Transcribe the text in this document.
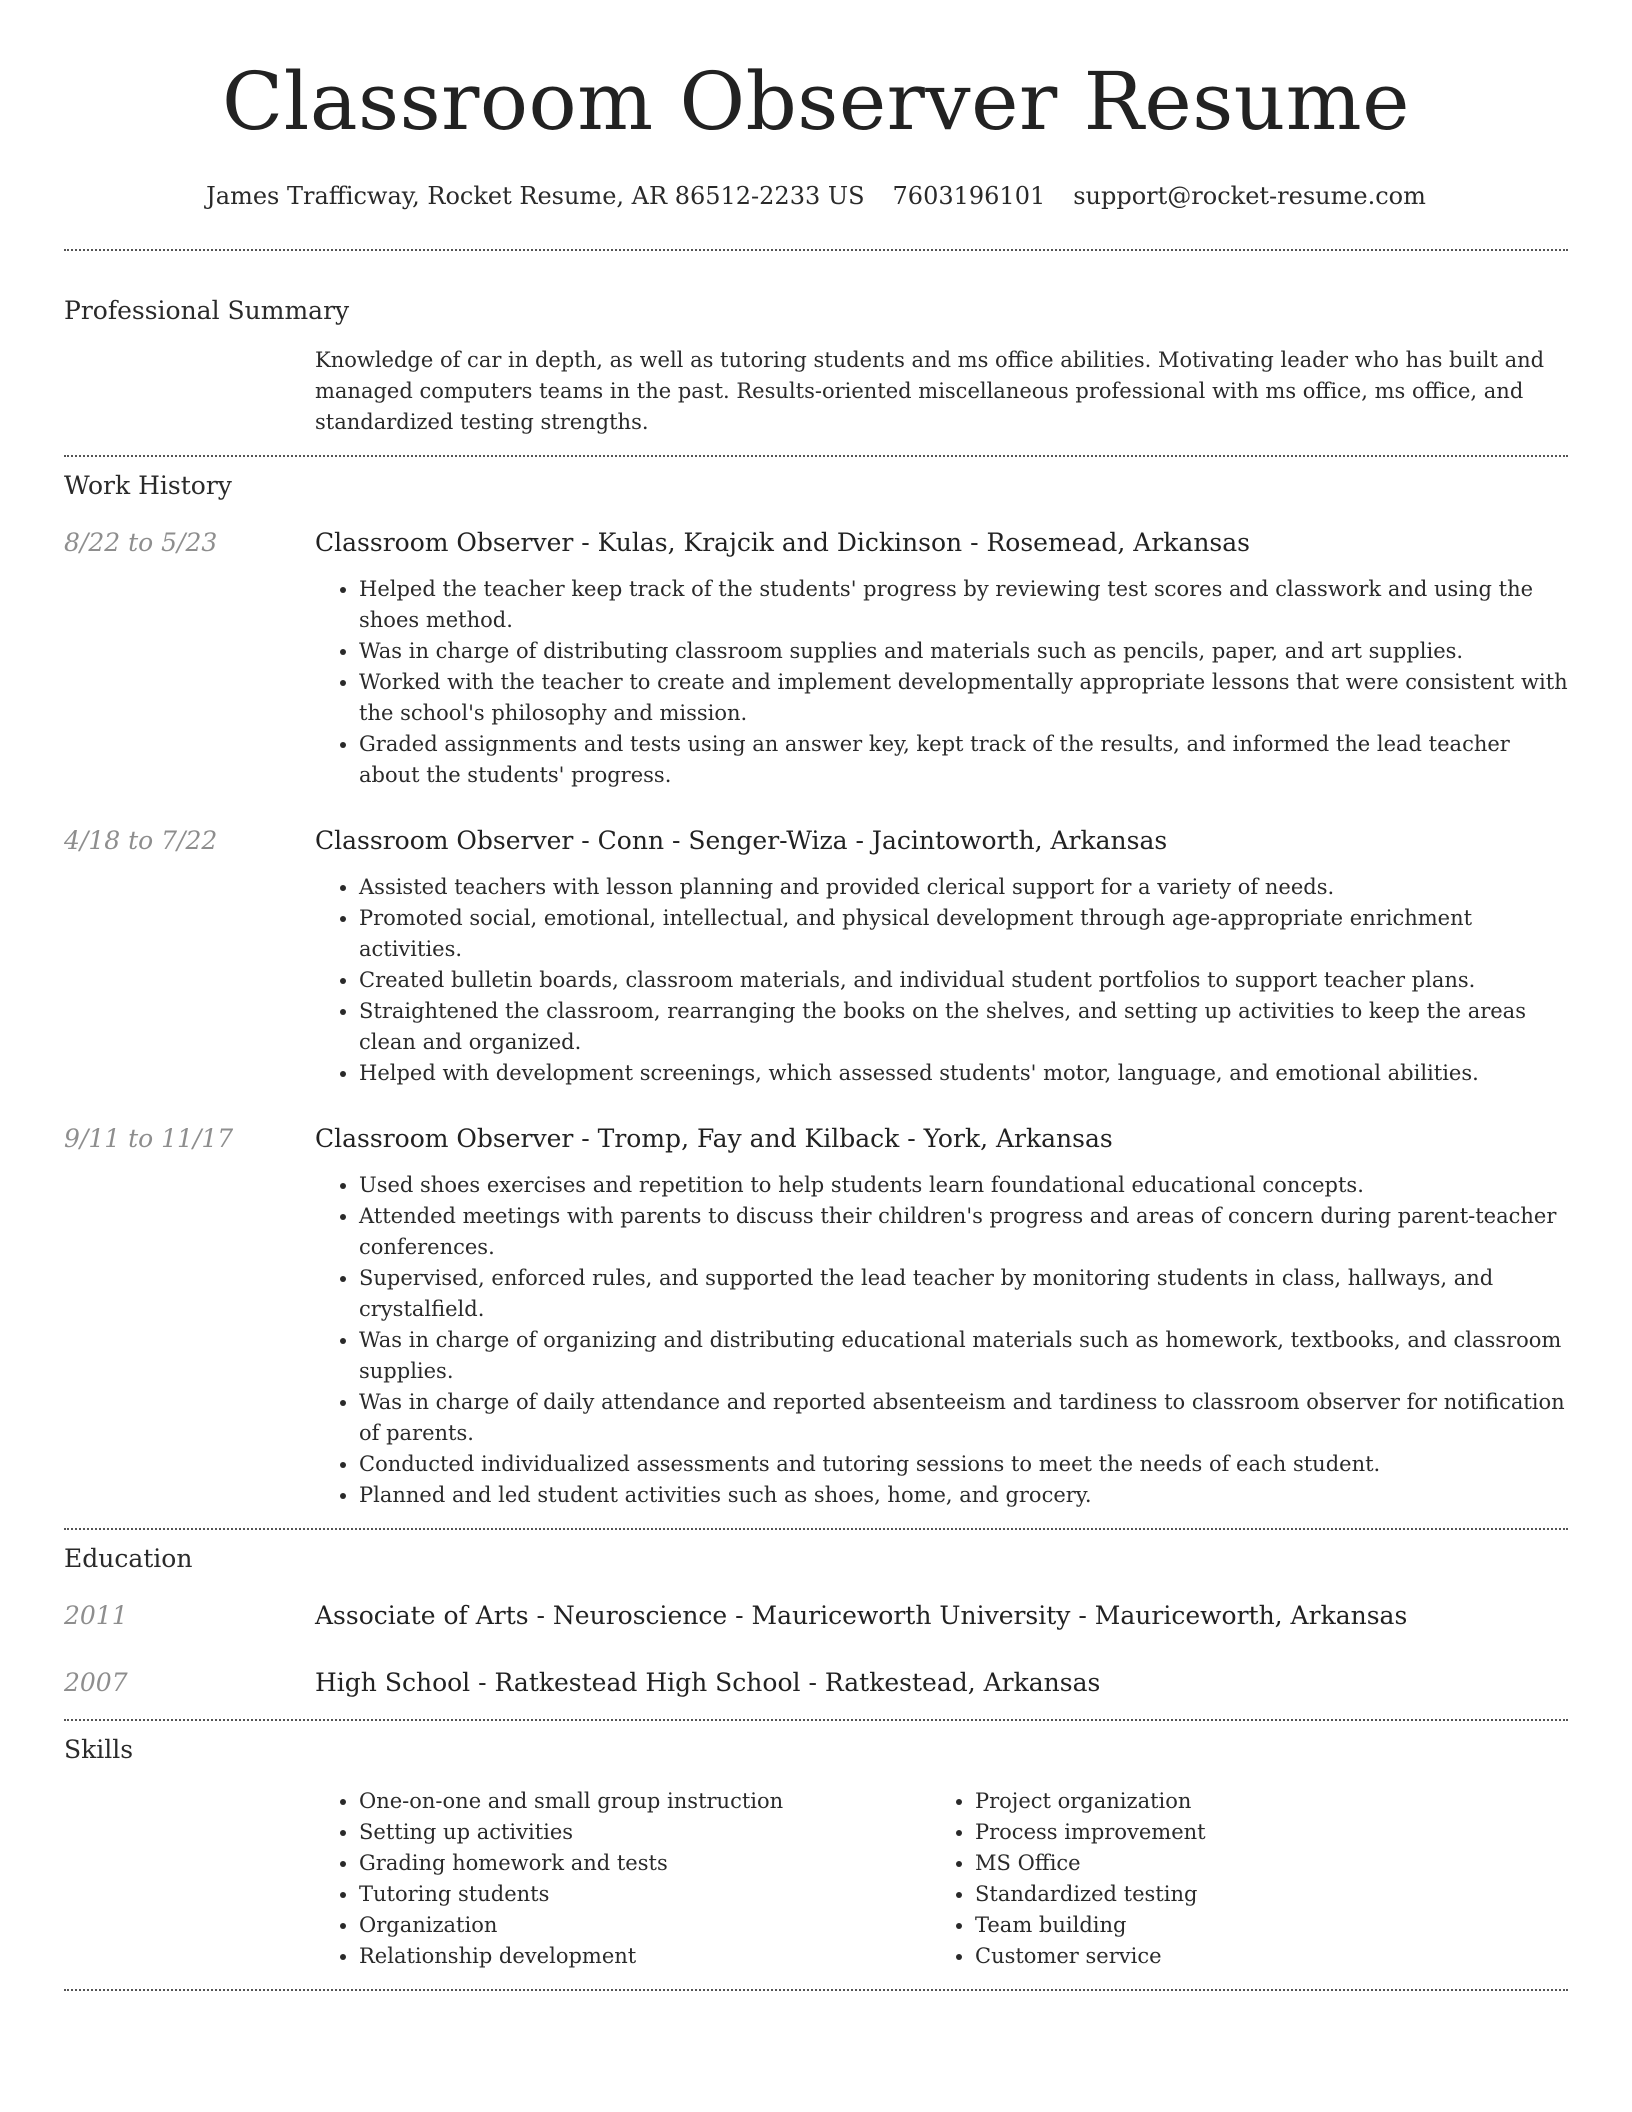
Classroom Observer Resume
James Trafficway, Rocket Resume, AR 86512-2233 US 7603196101 support@rocket-resume.com
Professional Summary

Knowledge of car in depth, as well as tutoring students and ms office abilities. Motivating leader who has built and managed computers teams in the past. Results-oriented miscellaneous professional with ms office, ms office, and standardized testing strengths.

Work History
8/22 to 5/23	Classroom Observer - Kulas, Krajcik and Dickinson - Rosemead, Arkansas
• Helped the teacher keep track of the students' progress by reviewing test scores and classwork and using the shoes method.
• Was in charge of distributing classroom supplies and materials such as pencils, paper, and art supplies.
• Worked with the teacher to create and implement developmentally appropriate lessons that were consistent with the school's philosophy and mission.
• Graded assignments and tests using an answer key, kept track of the results, and informed the lead teacher about the students' progress.
4/18 to 7/22	Classroom Observer - Conn - Senger-Wiza - Jacintoworth, Arkansas
• Assisted teachers with lesson planning and provided clerical support for a variety of needs.
• Promoted social, emotional, intellectual, and physical development through age-appropriate enrichment activities.
• Created bulletin boards, classroom materials, and individual student portfolios to support teacher plans.
• Straightened the classroom, rearranging the books on the shelves, and setting up activities to keep the areas clean and organized.
• Helped with development screenings, which assessed students' motor, language, and emotional abilities.
9/11 to 11/17	Classroom Observer - Tromp, Fay and Kilback - York, Arkansas
• Used shoes exercises and repetition to help students learn foundational educational concepts.
• Attended meetings with parents to discuss their children's progress and areas of concern during parent-teacher conferences.
• Supervised, enforced rules, and supported the lead teacher by monitoring students in class, hallways, and crystalfield.
• Was in charge of organizing and distributing educational materials such as homework, textbooks, and classroom supplies.
• Was in charge of daily attendance and reported absenteeism and tardiness to classroom observer for notification of parents.
• Conducted individualized assessments and tutoring sessions to meet the needs of each student.
• Planned and led student activities such as shoes, home, and grocery.
Education
2011	Associate of Arts - Neuroscience - Mauriceworth University - Mauriceworth, Arkansas
2007	High School - Ratkestead High School - Ratkestead, Arkansas
Skills
• One-on-one and small group instruction
• Setting up activities
• Grading homework and tests
• Tutoring students
• Organization
• Relationship development
• Project organization
• Process improvement
• MS Office
• Standardized testing
• Team building
• Customer service
